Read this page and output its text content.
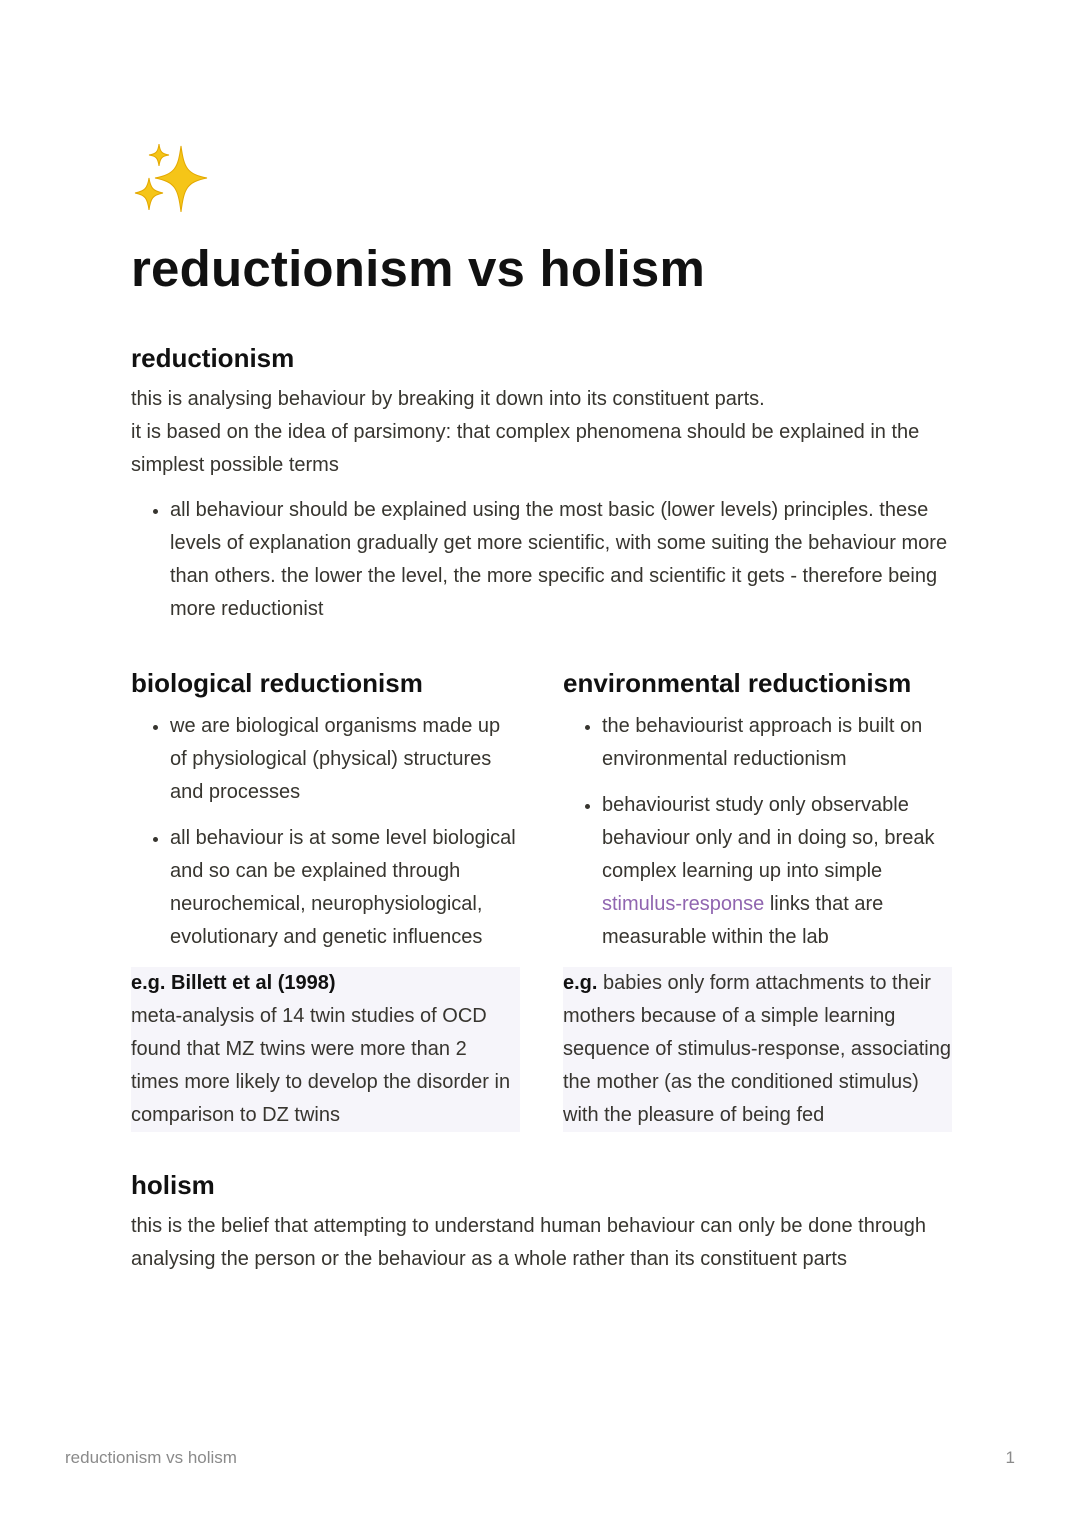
reductionism vs holism
reductionism

this is analysing behaviour by breaking it down into its constituent parts.
it is based on the idea of parsimony: that complex phenomena should be explained in the simplest possible terms

• all behaviour should be explained using the most basic (lower levels) principles. these levels of explanation gradually get more scientific, with some suiting the behaviour more than others. the lower the level, the more specific and scientific it gets - therefore being more reductionist
biological reductionism
• we are biological organisms made up of physiological (physical) structures and processes
• all behaviour is at some level biological and so can be explained through neurochemical, neurophysiological, evolutionary and genetic influences
e.g. Billett et al (1998)
meta-analysis of 14 twin studies of OCD found that MZ twins were more than 2 times more likely to develop the disorder in comparison to DZ twins
environmental reductionism
• the behaviourist approach is built on environmental reductionism
• behaviourist study only observable behaviour only and in doing so, break complex learning up into simple stimulus-response links that are measurable within the lab
e.g. babies only form attachments to their mothers because of a simple learning sequence of stimulus-response, associating the mother (as the conditioned stimulus) with the pleasure of being fed
holism

this is the belief that attempting to understand human behaviour can only be done through analysing the person or the behaviour as a whole rather than its constituent parts

reductionism vs holism	1
